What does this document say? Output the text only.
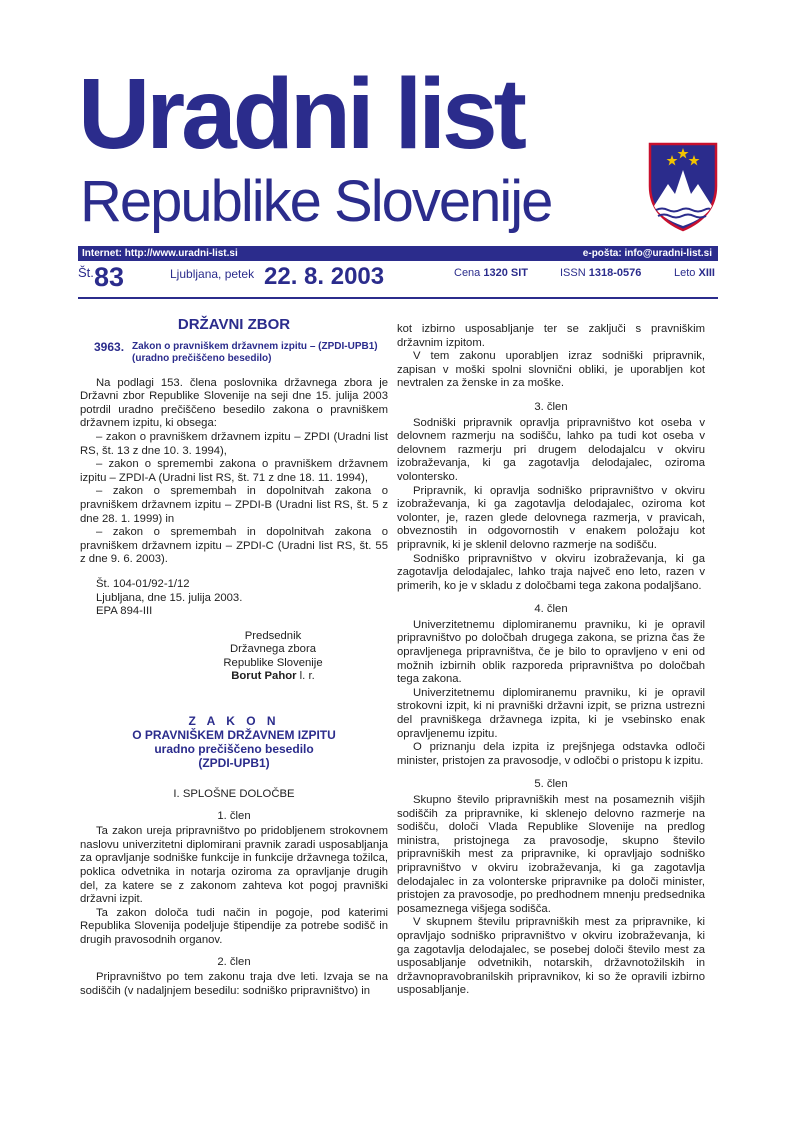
Uradni list
Republike Slovenije
Internet: http://www.uradni-list.si	e-pošta: info@uradni-list.si
Št. 83	Ljubljana, petek 22. 8. 2003	Cena 1320 SIT	ISSN 1318-0576	Leto XIII
DRŽAVNI ZBOR
3963. Zakon o pravniškem državnem izpitu – (ZPDI-UPB1) (uradno prečiščeno besedilo)

Na podlagi 153. člena poslovnika državnega zbora je Državni zbor Republike Slovenije na seji dne 15. julija 2003 potrdil uradno prečiščeno besedilo zakona o pravniškem državnem izpitu, ki obsega:

– zakon o pravniškem državnem izpitu – ZPDI (Uradni list RS, št. 13 z dne 10. 3. 1994),

– zakon o spremembi zakona o pravniškem državnem izpitu – ZPDI-A (Uradni list RS, št. 71 z dne 18. 11. 1994),

– zakon o spremembah in dopolnitvah zakona o pravniškem državnem izpitu – ZPDI-B (Uradni list RS, št. 5 z dne 28. 1. 1999) in

– zakon o spremembah in dopolnitvah zakona o pravniškem državnem izpitu – ZPDI-C (Uradni list RS, št. 55 z dne 9. 6. 2003).

Št. 104-01/92-1/12

Ljubljana, dne 15. julija 2003.

EPA 894-III

Predsednik
Državnega zbora
Republike Slovenije
Borut Pahor l. r.
Z A K O N
O PRAVNIŠKEM DRŽAVNEM IZPITU
uradno prečiščeno besedilo
(ZPDI-UPB1)
I. SPLOŠNE DOLOČBE
1. člen

Ta zakon ureja pripravništvo po pridobljenem strokovnem naslovu univerzitetni diplomirani pravnik zaradi usposabljanja za opravljanje sodniške funkcije in funkcije državnega tožilca, poklica odvetnika in notarja oziroma za opravljanje drugih del, za katere se z zakonom zahteva kot pogoj pravniški državni izpit.

Ta zakon določa tudi način in pogoje, pod katerimi Republika Slovenija podeljuje štipendije za potrebe sodišč in drugih pravosodnih organov.

2. člen

Pripravništvo po tem zakonu traja dve leti. Izvaja se na sodiščih (v nadaljnjem besedilu: sodniško pripravništvo) in

kot izbirno usposabljanje ter se zaključi s pravniškim državnim izpitom.

V tem zakonu uporabljen izraz sodniški pripravnik, zapisan v moški spolni slovnični obliki, je uporabljen kot nevtralen za ženske in za moške.

3. člen

Sodniški pripravnik opravlja pripravništvo kot oseba v delovnem razmerju na sodišču, lahko pa tudi kot oseba v delovnem razmerju pri drugem delodajalcu v okviru izobraževanja, ki ga zagotavlja delodajalec, oziroma volontersko.

Pripravnik, ki opravlja sodniško pripravništvo v okviru izobraževanja, ki ga zagotavlja delodajalec, oziroma kot volonter, je, razen glede delovnega razmerja, v pravicah, obveznostih in odgovornostih v enakem položaju kot pripravnik, ki je sklenil delovno razmerje na sodišču.

Sodniško pripravništvo v okviru izobraževanja, ki ga zagotavlja delodajalec, lahko traja največ eno leto, razen v primerih, ko je v skladu z določbami tega zakona podaljšano.

4. člen

Univerzitetnemu diplomiranemu pravniku, ki je opravil pripravništvo po določbah drugega zakona, se prizna čas že opravljenega pripravništva, če je bilo to opravljeno v eni od možnih izbirnih oblik razporeda pripravništva po določbah tega zakona.

Univerzitetnemu diplomiranemu pravniku, ki je opravil strokovni izpit, ki ni pravniški državni izpit, se prizna ustrezni del pravniškega državnega izpita, ki je vsebinsko enak opravljenemu izpitu.

O priznanju dela izpita iz prejšnjega odstavka odloči minister, pristojen za pravosodje, v odločbi o pristopu k izpitu.

5. člen

Skupno število pripravniških mest na posameznih višjih sodiščih za pripravnike, ki sklenejo delovno razmerje na sodišču, določi Vlada Republike Slovenije na predlog ministra, pristojnega za pravosodje, skupno število pripravniških mest za pripravnike, ki opravljajo sodniško pripravništvo v okviru izobraževanja, ki ga zagotavlja delodajalec in za volonterske pripravnike pa določi minister, pristojen za pravosodje, po predhodnem mnenju predsednika posameznega višjega sodišča.

V skupnem številu pripravniških mest za pripravnike, ki opravljajo sodniško pripravništvo v okviru izobraževanja, ki ga zagotavlja delodajalec, se posebej določi število mest za usposabljanje odvetnikih, notarskih, državnotožilskih in državnopravobranilskih pripravnikov, ki so že opravili izbirno usposabljanje.
